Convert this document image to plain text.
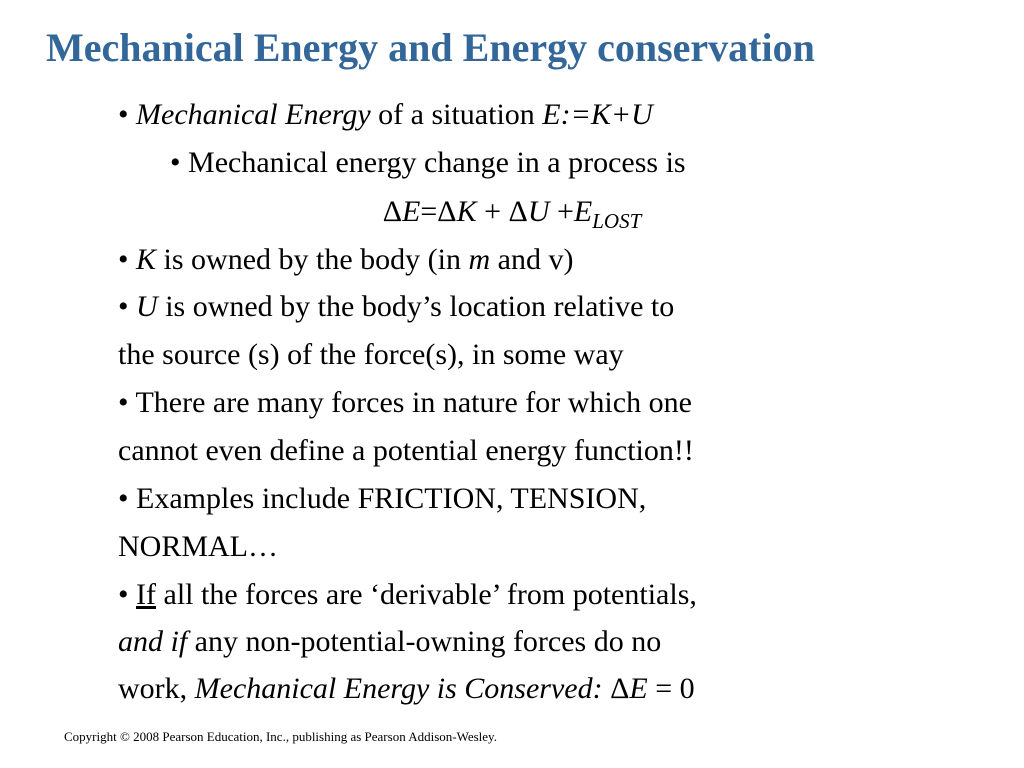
Mechanical Energy and Energy conservation
• Mechanical Energy of a situation E:=K+U
• Mechanical energy change in a process is
$\Delta E=\Delta K + \Delta U +E_{LOST}$
• K is owned by the body (in m and v)
• U is owned by the body’s location relative to
the source (s) of the force(s), in some way
• There are many forces in nature for which one
cannot even define a potential energy function!!
• Examples include FRICTION, TENSION,
NORMAL…
• If all the forces are ‘derivable’ from potentials,
and if any non-potential-owning forces do no
work, Mechanical Energy is Conserved: ΔE = 0
Copyright © 2008 Pearson Education, Inc., publishing as Pearson Addison-Wesley.
